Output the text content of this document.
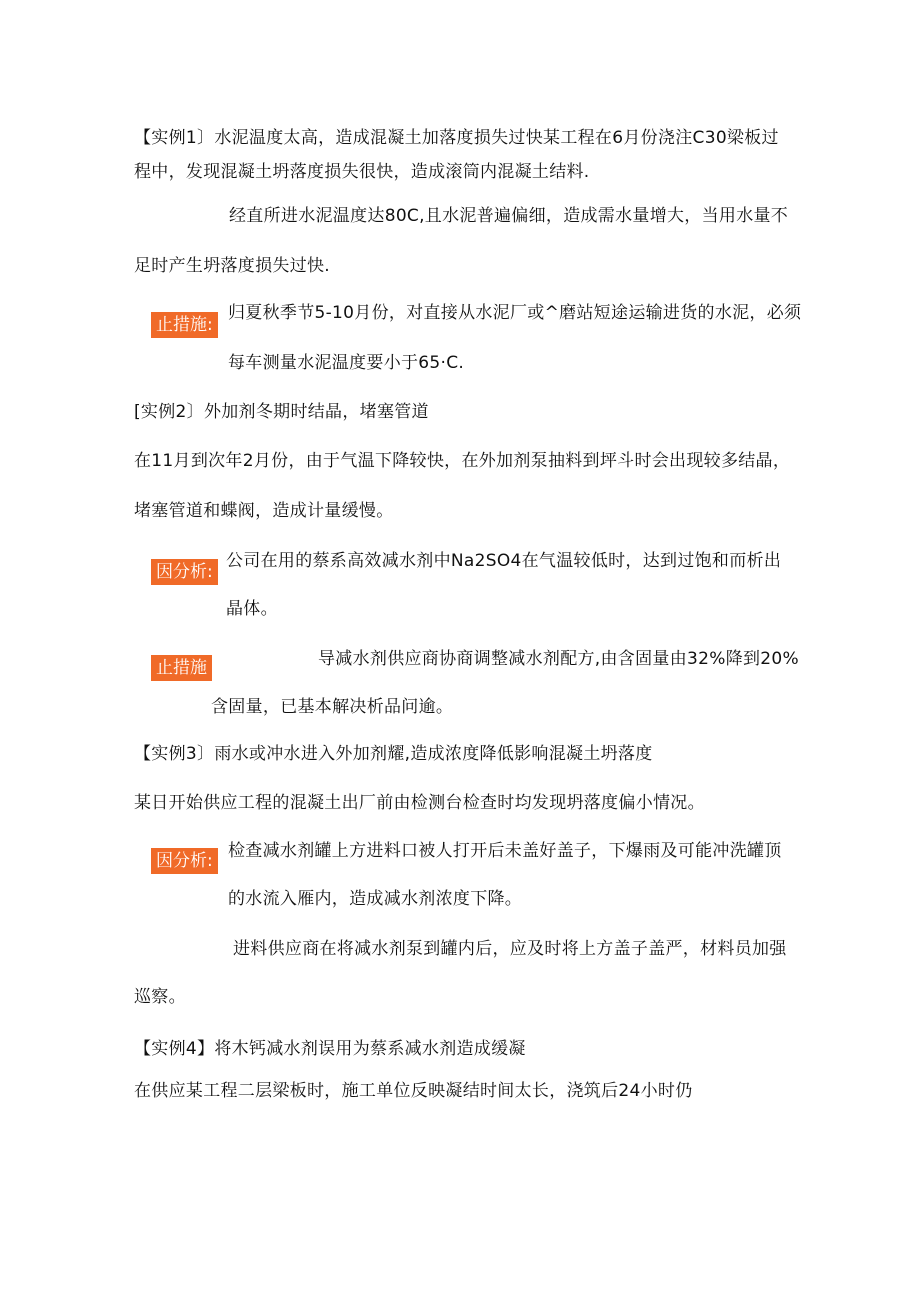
【实例1〕水泥温度太高，造成混凝土加落度损失过快某工程在6月份浇注C30梁板过
程中，发现混凝土坍落度损失很快，造成滚筒内混凝土结料.
经直所进水泥温度达80C,且水泥普遍偏细，造成需水量增大，当用水量不
足时产生坍落度损失过快.
止措施:
归夏秋季节5-10月份，对直接从水泥厂或^磨站短途运输进货的水泥，必须
每车测量水泥温度要小于65·C.
[实例2〕外加剂冬期时结晶，堵塞管道
在11月到次年2月份，由于气温下降较快，在外加剂泵抽料到坪斗时会出现较多结晶，
堵塞管道和蝶阀，造成计量缓慢。
因分析:
公司在用的蔡系高效减水剂中Na2SO4在气温较低时，达到过饱和而析出
晶体。
止措施	导减水剂供应商协商调整减水剂配方,由含固量由32%降到20%
含固量，已基本解决析品问逾。
【实例3〕雨水或冲水进入外加剂耀,造成浓度降低影响混凝土坍落度
某日开始供应工程的混凝土出厂前由检测台检查时均发现坍落度偏小情况。
因分析: 检查减水剂罐上方进料口被人打开后未盖好盖子，下爆雨及可能冲洗罐顶
的水流入雁内，造成减水剂浓度下降。
进料供应商在将减水剂泵到罐内后，应及时将上方盖子盖严，材料员加强
巡察。
【实例4】将木钙减水剂误用为蔡系减水剂造成缓凝
在供应某工程二层梁板时，施工单位反映凝结时间太长，浇筑后24小时仍
